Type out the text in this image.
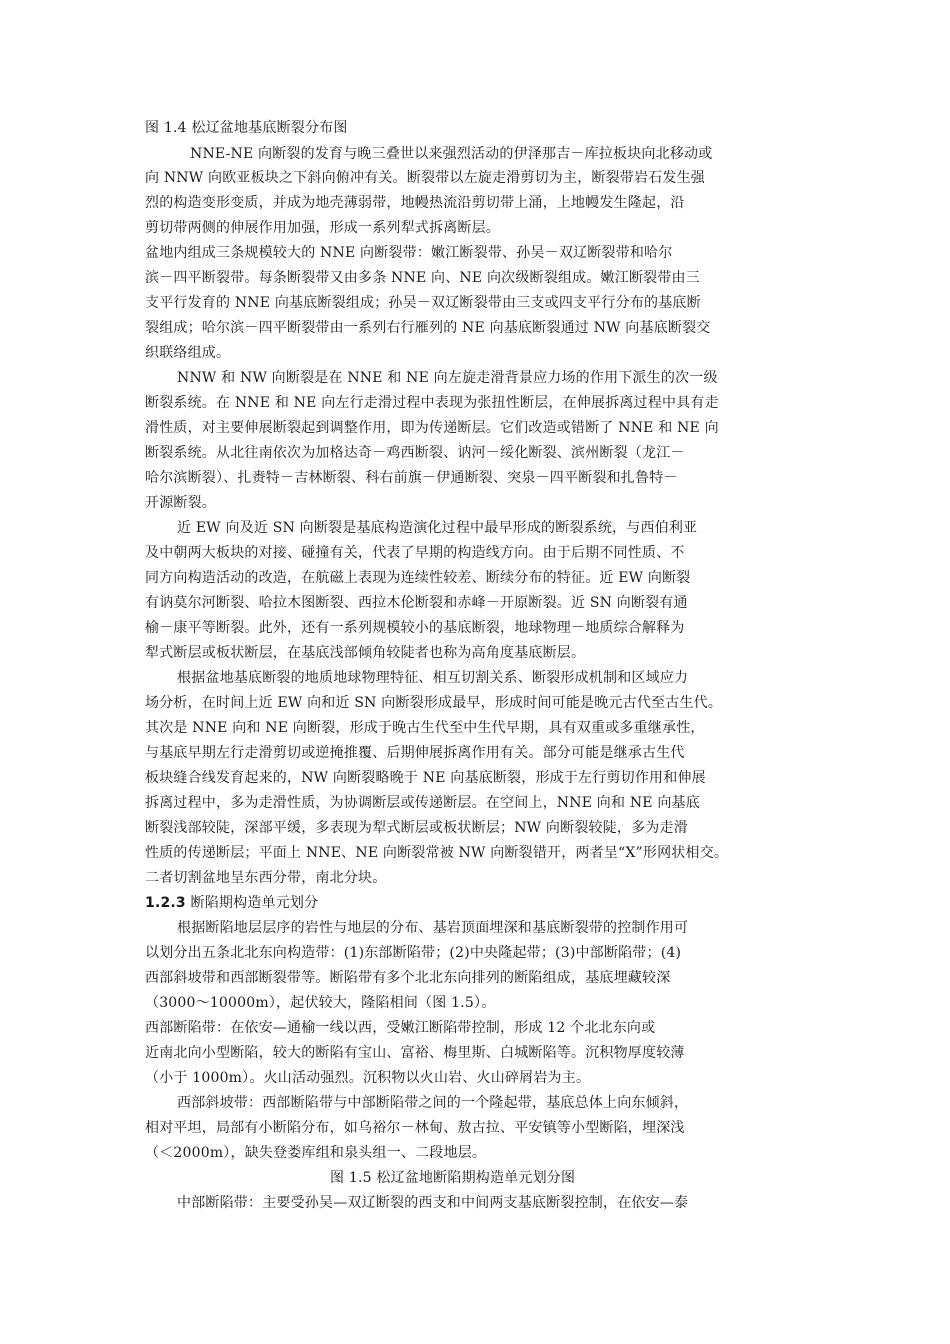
图 1.4 松辽盆地基底断裂分布图
NNE-NE 向断裂的发育与晚三叠世以来强烈活动的伊泽那吉－库拉板块向北移动或
向 NNW 向欧亚板块之下斜向俯冲有关。断裂带以左旋走滑剪切为主，断裂带岩石发生强
烈的构造变形变质，并成为地壳薄弱带，地幔热流沿剪切带上涌，上地幔发生隆起，沿
剪切带两侧的伸展作用加强，形成一系列犁式拆离断层。
盆地内组成三条规模较大的 NNE 向断裂带：嫩江断裂带、孙吴－双辽断裂带和哈尔
滨－四平断裂带。每条断裂带又由多条 NNE 向、NE 向次级断裂组成。嫩江断裂带由三
支平行发育的 NNE 向基底断裂组成；孙吴－双辽断裂带由三支或四支平行分布的基底断
裂组成；哈尔滨－四平断裂带由一系列右行雁列的 NE 向基底断裂通过 NW 向基底断裂交
织联络组成。
NNW 和 NW 向断裂是在 NNE 和 NE 向左旋走滑背景应力场的作用下派生的次一级
断裂系统。在 NNE 和 NE 向左行走滑过程中表现为张扭性断层，在伸展拆离过程中具有走
滑性质，对主要伸展断裂起到调整作用，即为传递断层。它们改造或错断了 NNE 和 NE 向
断裂系统。从北往南依次为加格达奇－鸡西断裂、讷河－绥化断裂、滨州断裂（龙江－
哈尔滨断裂）、扎赉特－吉林断裂、科右前旗－伊通断裂、突泉－四平断裂和扎鲁特－
开源断裂。
近 EW 向及近 SN 向断裂是基底构造演化过程中最早形成的断裂系统，与西伯利亚
及中朝两大板块的对接、碰撞有关，代表了早期的构造线方向。由于后期不同性质、不
同方向构造活动的改造，在航磁上表现为连续性较差、断续分布的特征。近 EW 向断裂
有讷莫尔河断裂、哈拉木图断裂、西拉木伦断裂和赤峰－开原断裂。近 SN 向断裂有通
榆－康平等断裂。此外，还有一系列规模较小的基底断裂，地球物理－地质综合解释为
犁式断层或板状断层，在基底浅部倾角较陡者也称为高角度基底断层。
根据盆地基底断裂的地质地球物理特征、相互切割关系、断裂形成机制和区域应力
场分析，在时间上近 EW 向和近 SN 向断裂形成最早，形成时间可能是晚元古代至古生代。
其次是 NNE 向和 NE 向断裂，形成于晚古生代至中生代早期，具有双重或多重继承性，
与基底早期左行走滑剪切或逆掩推覆、后期伸展拆离作用有关。部分可能是继承古生代
板块缝合线发育起来的，NW 向断裂略晚于 NE 向基底断裂，形成于左行剪切作用和伸展
拆离过程中，多为走滑性质，为协调断层或传递断层。在空间上，NNE 向和 NE 向基底
断裂浅部较陡，深部平缓，多表现为犁式断层或板状断层；NW 向断裂较陡，多为走滑
性质的传递断层；平面上 NNE、NE 向断裂常被 NW 向断裂错开，两者呈“X”形网状相交。
二者切割盆地呈东西分带，南北分块。
1.2.3 断陷期构造单元划分
根据断陷地层层序的岩性与地层的分布、基岩顶面埋深和基底断裂带的控制作用可
以划分出五条北北东向构造带：(1)东部断陷带；(2)中央隆起带；(3)中部断陷带；(4)
西部斜坡带和西部断裂带等。断陷带有多个北北东向排列的断陷组成，基底埋藏较深
（3000～10000m），起伏较大，隆陷相间（图 1.5）。
西部断陷带：在依安—通榆一线以西，受嫩江断陷带控制，形成 12 个北北东向或
近南北向小型断陷，较大的断陷有宝山、富裕、梅里斯、白城断陷等。沉积物厚度较薄
（小于 1000m）。火山活动强烈。沉积物以火山岩、火山碎屑岩为主。
西部斜坡带：西部断陷带与中部断陷带之间的一个隆起带，基底总体上向东倾斜，
相对平坦，局部有小断陷分布，如乌裕尔－林甸、敖古拉、平安镇等小型断陷，埋深浅
（＜2000m），缺失登娄库组和泉头组一、二段地层。
图 1.5 松辽盆地断陷期构造单元划分图
中部断陷带：主要受孙吴—双辽断裂的西支和中间两支基底断裂控制，在依安—泰
